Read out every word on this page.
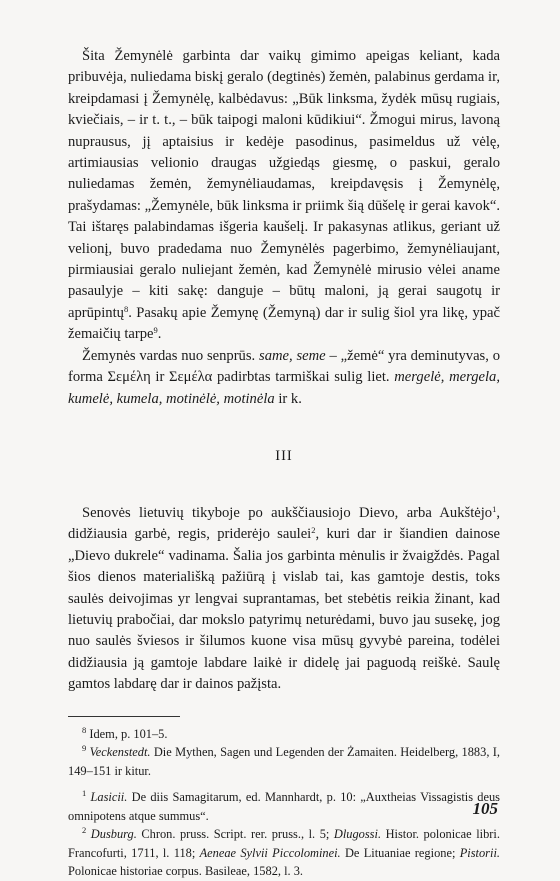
Šita Žemynėlė garbinta dar vaikų gimimo apeigas keliant, kada pribuvėja, nuliedama biskį geralo (degtinės) žemėn, palabinus gerdama ir, kreipdamasi į Žemynėlę, kalbėdavus: „Būk linksma, žydėk mūsų rugiais, kviečiais, – ir t. t., – būk taipogi maloni kūdikiui“. Žmogui mirus, lavoną nuprausus, jį aptaisius ir kedėje pasodinus, pasimeldus už vėlę, artimiausias velionio draugas užgiedąs giesmę, o paskui, geralo nuliedamas žemėn, žemynėliaudamas, kreipdavęsis į Žemynėlę, prašydamas: „Žemynėle, būk linksma ir priimk šią dūšelę ir gerai kavok“. Tai ištaręs palabindamas išgeria kaušelį. Ir pakasynas atlikus, geriant už velionį, buvo pradedama nuo Žemynėlės pagerbimo, žemynėliaujant, pirmiausiai geralo nuliejant žemėn, kad Žemynėlė mirusio vėlei aname pasaulyje – kiti sakę: danguje – būtų maloni, ją gerai saugotų ir aprūpintų$^8$. Pasakų apie Žemynę (Žemyną) dar ir sulig šiol yra likę, ypač žemaičių tarpe$^9$.

Žemynės vardas nuo senprūs. same, seme – „žemė“ yra deminutyvas, o forma Σεμέλη ir Σεμέλα padirbtas tarmiškai sulig liet. mergelė, mergela, kumelė, kumela, motinėlė, motinėla ir k.

III

Senovės lietuvių tikyboje po aukščiausiojo Dievo, arba Aukštėjo$^1$, didžiausia garbė, regis, priderėjo saulei$^2$, kuri dar ir šiandien dainose „Dievo dukrele“ vadinama. Šalia jos garbinta mėnulis ir žvaigždės. Pagal šios dienos materiališką pažiūrą į vislab tai, kas gamtoje destis, toks saulės deivojimas yr lengvai suprantamas, bet stebėtis reikia žinant, kad lietuvių prabočiai, dar mokslo patyrimų neturėdami, buvo jau susekę, jog nuo saulės šviesos ir šilumos kuone visa mūsų gyvybė pareina, todėlei didžiausia ją gamtoje labdare laikė ir didelę jai paguodą reiškė. Saulę gamtos labdarę dar ir dainos pažįsta.

$^8$ Idem, p. 101–5.

$^9$ Veckenstedt. Die Mythen, Sagen und Legenden der Żamaiten. Heidelberg, 1883, I, 149–151 ir kitur.

$^1$ Lasicii. De diis Samagitarum, ed. Mannhardt, p. 10: „Auxtheias Vissagistis deus omnipotens atque summus“.

$^2$ Dusburg. Chron. pruss. Script. rer. pruss., l. 5; Dlugossi. Histor. polonicae libri. Francofurti, 1711, l. 118; Aeneae Sylvii Piccolominei. De Lituaniae regione; Pistorii. Polonicae historiae corpus. Basileae, 1582, l. 3.

105
